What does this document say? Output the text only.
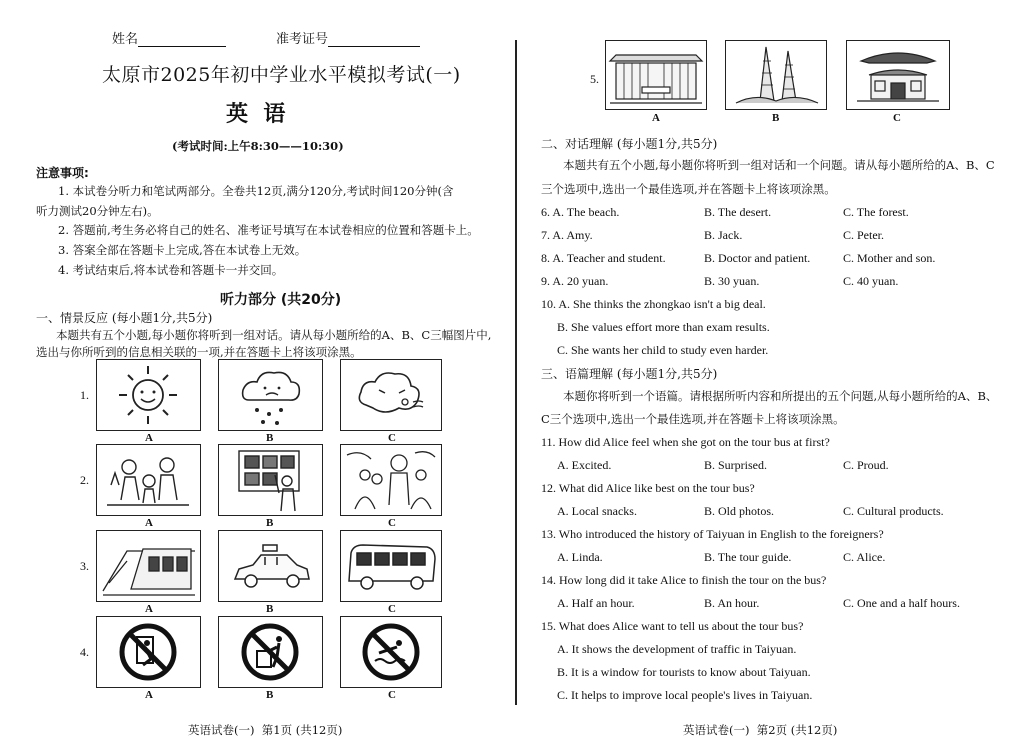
姓名	准考证号
太原市2025年初中学业水平模拟考试(一)
英  语
(考试时间:上午8:30——10:30)
注意事项:
1. 本试卷分听力和笔试两部分。全卷共12页,满分120分,考试时间120分钟(含
听力测试20分钟左右)。
2. 答题前,考生务必将自己的姓名、准考证号填写在本试卷相应的位置和答题卡上。
3. 答案全部在答题卡上完成,答在本试卷上无效。
4. 考试结束后,将本试卷和答题卡一并交回。
听力部分 (共20分)
一、情景反应 (每小题1分,共5分)
本题共有五个小题,每小题你将听到一组对话。请从每小题所给的A、B、C三幅图片中,
选出与你所听到的信息相关联的一项,并在答题卡上将该项涂黑。
1.
A	B	C
2.
A	B	C
3.
A	B	C
4.
A	B	C
英语试卷(一)  第1页 (共12页)
5.
A	B	C
二、对话理解 (每小题1分,共5分)
本题共有五个小题,每小题你将听到一组对话和一个问题。请从每小题所给的A、B、C
三个选项中,选出一个最佳选项,并在答题卡上将该项涂黑。
6. A. The beach.	B. The desert.	C. The forest.
7. A. Amy.	B. Jack.	C. Peter.
8. A. Teacher and student.	B. Doctor and patient.	C. Mother and son.
9. A. 20 yuan.	B. 30 yuan.	C. 40 yuan.
10. A. She thinks the zhongkao isn't a big deal.
B. She values effort more than exam results.
C. She wants her child to study even harder.
三、语篇理解 (每小题1分,共5分)
本题你将听到一个语篇。请根据所听内容和所提出的五个问题,从每小题所给的A、B、
C三个选项中,选出一个最佳选项,并在答题卡上将该项涂黑。
11. How did Alice feel when she got on the tour bus at first?
A. Excited.	B. Surprised.	C. Proud.
12. What did Alice like best on the tour bus?
A. Local snacks.	B. Old photos.	C. Cultural products.
13. Who introduced the history of Taiyuan in English to the foreigners?
A. Linda.	B. The tour guide.	C. Alice.
14. How long did it take Alice to finish the tour on the bus?
A. Half an hour.	B. An hour.	C. One and a half hours.
15. What does Alice want to tell us about the tour bus?
A. It shows the development of traffic in Taiyuan.
B. It is a window for tourists to know about Taiyuan.
C. It helps to improve local people's lives in Taiyuan.
英语试卷(一)  第2页 (共12页)
